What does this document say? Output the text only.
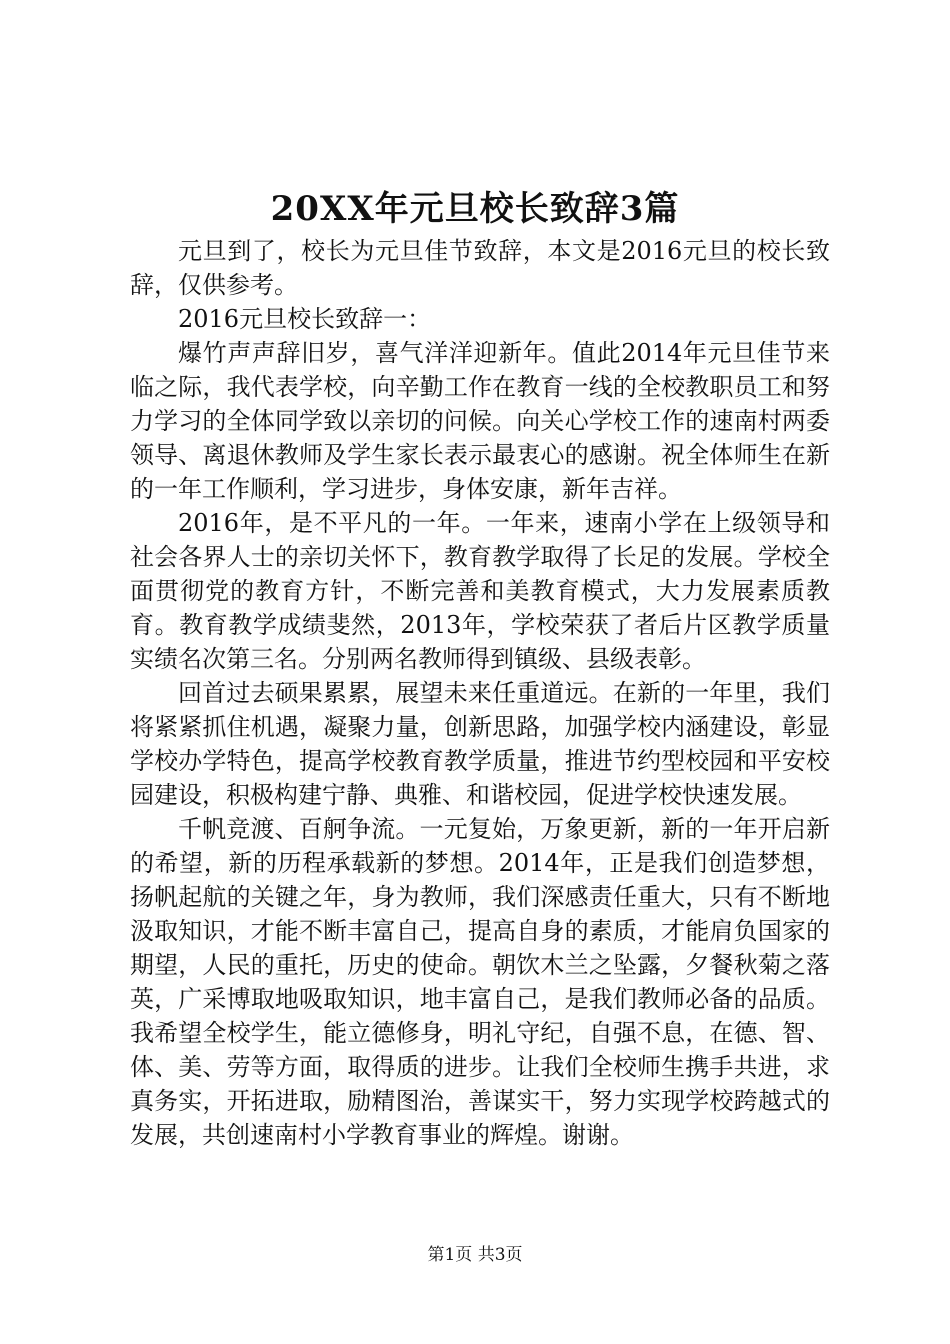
20XX年元旦校长致辞3篇

元旦到了，校长为元旦佳节致辞，本文是2016元旦的校长致辞，仅供参考。

2016元旦校长致辞一：

爆竹声声辞旧岁，喜气洋洋迎新年。值此2014年元旦佳节来临之际，我代表学校，向辛勤工作在教育一线的全校教职员工和努力学习的全体同学致以亲切的问候。向关心学校工作的速南村两委领导、离退休教师及学生家长表示最衷心的感谢。祝全体师生在新的一年工作顺利，学习进步，身体安康，新年吉祥。

2016年，是不平凡的一年。一年来，速南小学在上级领导和社会各界人士的亲切关怀下，教育教学取得了长足的发展。学校全面贯彻党的教育方针，不断完善和美教育模式，大力发展素质教育。教育教学成绩斐然，2013年，学校荣获了者后片区教学质量实绩名次第三名。分别两名教师得到镇级、县级表彰。

回首过去硕果累累，展望未来任重道远。在新的一年里，我们将紧紧抓住机遇，凝聚力量，创新思路，加强学校内涵建设，彰显学校办学特色，提高学校教育教学质量，推进节约型校园和平安校园建设，积极构建宁静、典雅、和谐校园，促进学校快速发展。

千帆竞渡、百舸争流。一元复始，万象更新，新的一年开启新的希望，新的历程承载新的梦想。2014年，正是我们创造梦想，扬帆起航的关键之年，身为教师，我们深感责任重大，只有不断地汲取知识，才能不断丰富自己，提高自身的素质，才能肩负国家的期望，人民的重托，历史的使命。朝饮木兰之坠露，夕餐秋菊之落英，广采博取地吸取知识，地丰富自己，是我们教师必备的品质。我希望全校学生，能立德修身，明礼守纪，自强不息，在德、智、体、美、劳等方面，取得质的进步。让我们全校师生携手共进，求真务实，开拓进取，励精图治，善谋实干，努力实现学校跨越式的发展，共创速南村小学教育事业的辉煌。谢谢。

第1页 共3页
